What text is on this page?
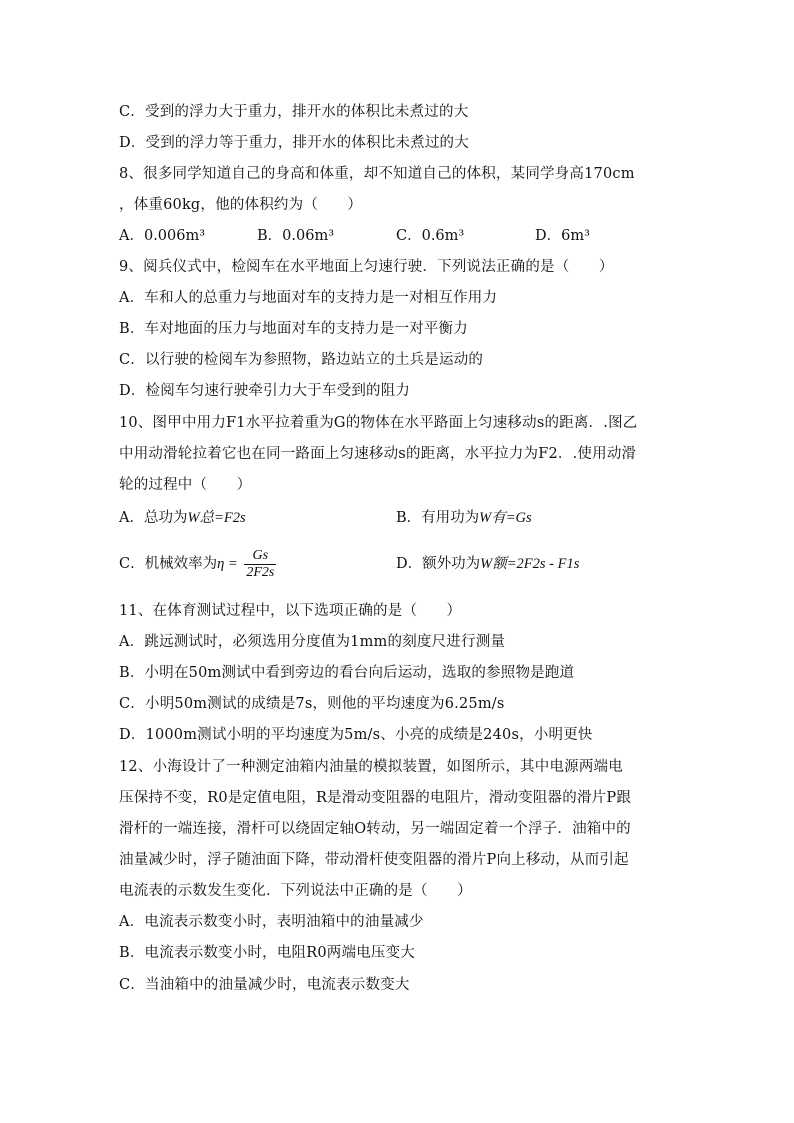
C．受到的浮力大于重力，排开水的体积比未煮过的大
D．受到的浮力等于重力，排开水的体积比未煮过的大
8、很多同学知道自己的身高和体重，却不知道自己的体积，某同学身高170cm
，体重60kg，他的体积约为（　　）
A．0.006m³	B．0.06m³	C．0.6m³	D．6m³
9、阅兵仪式中，检阅车在水平地面上匀速行驶．下列说法正确的是（　　）
A．车和人的总重力与地面对车的支持力是一对相互作用力
B．车对地面的压力与地面对车的支持力是一对平衡力
C．以行驶的检阅车为参照物，路边站立的土兵是运动的
D．检阅车匀速行驶牵引力大于车受到的阻力
10、图甲中用力F1水平拉着重为G的物体在水平路面上匀速移动s的距离．.图乙
中用动滑轮拉着它也在同一路面上匀速移动s的距离，水平拉力为F2．.使用动滑
轮的过程中（　　）
A．总功为W总=F2s	B．有用功为W有=Gs
C．机械效率为$\eta = \frac{Gs}{2F2s}$	D．额外功为W额=2F2s - F1s
11、在体育测试过程中，以下选项正确的是（　　）
A．跳远测试时，必须选用分度值为1mm的刻度尺进行测量
B．小明在50m测试中看到旁边的看台向后运动，选取的参照物是跑道
C．小明50m测试的成绩是7s，则他的平均速度为6.25m/s
D．1000m测试小明的平均速度为5m/s、小亮的成绩是240s，小明更快
12、小海设计了一种测定油箱内油量的模拟装置，如图所示，其中电源两端电
压保持不变，R0是定值电阻，R是滑动变阻器的电阻片，滑动变阻器的滑片P跟
滑杆的一端连接，滑杆可以绕固定轴O转动，另一端固定着一个浮子．油箱中的
油量减少时，浮子随油面下降，带动滑杆使变阻器的滑片P向上移动，从而引起
电流表的示数发生变化．下列说法中正确的是（　　）
A．电流表示数变小时，表明油箱中的油量减少
B．电流表示数变小时，电阻R0两端电压变大
C．当油箱中的油量减少时，电流表示数变大
